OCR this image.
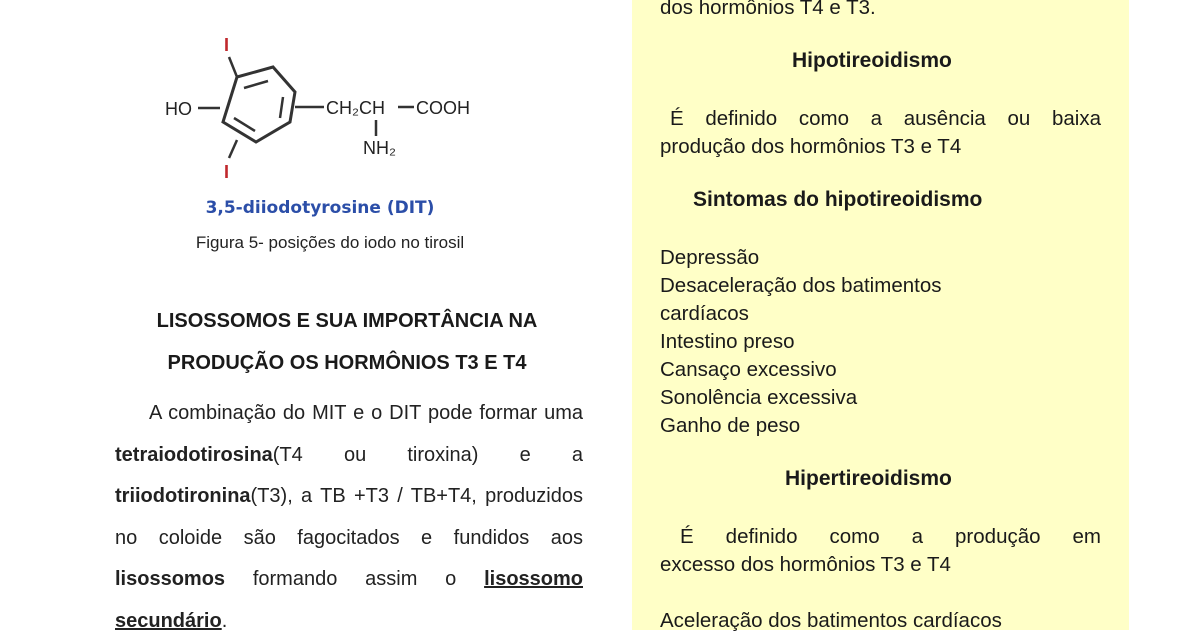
I
I
HO	CH₂CH COOH
NH₂
3,5-diiodotyrosine (DIT)
Figura 5- posições do iodo no tirosil
LISOSSOMOS E SUA IMPORTÂNCIA NA
PRODUÇÃO OS HORMÔNIOS T3 E T4

A combinação do MIT e o DIT pode formar uma tetraiodotirosina(T4 ou tiroxina) e a triiodotironina(T3), a TB +T3 / TB+T4, produzidos no coloide são fagocitados e fundidos aos lisossomos formando assim o lisossomo secundário.

dos hormônios T4 e T3.
Hipotireoidismo
É definido como a ausência ou baixa
produção dos hormônios T3 e T4
Sintomas do hipotireoidismo
Depressão
Desaceleração dos batimentos
cardíacos
Intestino preso
Cansaço excessivo
Sonolência excessiva
Ganho de peso
Hipertireoidismo
É definido como a produção em
excesso dos hormônios T3 e T4
Aceleração dos batimentos cardíacos
